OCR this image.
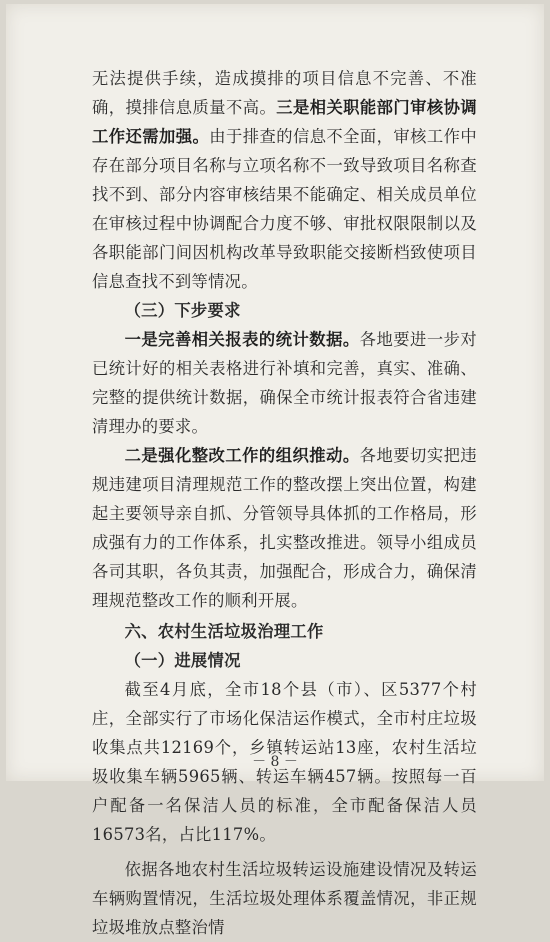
无法提供手续，造成摸排的项目信息不完善、不准确，摸排信息质量不高。三是相关职能部门审核协调工作还需加强。由于排查的信息不全面，审核工作中存在部分项目名称与立项名称不一致导致项目名称查找不到、部分内容审核结果不能确定、相关成员单位在审核过程中协调配合力度不够、审批权限限制以及各职能部门间因机构改革导致职能交接断档致使项目信息查找不到等情况。

（三）下步要求

一是完善相关报表的统计数据。各地要进一步对已统计好的相关表格进行补填和完善，真实、准确、完整的提供统计数据，确保全市统计报表符合省违建清理办的要求。

二是强化整改工作的组织推动。各地要切实把违规违建项目清理规范工作的整改摆上突出位置，构建起主要领导亲自抓、分管领导具体抓的工作格局，形成强有力的工作体系，扎实整改推进。领导小组成员各司其职，各负其责，加强配合，形成合力，确保清理规范整改工作的顺利开展。

六、农村生活垃圾治理工作

（一）进展情况

截至4月底，全市18个县（市）、区5377个村庄，全部实行了市场化保洁运作模式，全市村庄垃圾收集点共12169个，乡镇转运站13座，农村生活垃圾收集车辆5965辆、转运车辆457辆。按照每一百户配备一名保洁人员的标准，全市配备保洁人员16573名，占比117%。

依据各地农村生活垃圾转运设施建设情况及转运车辆购置情况，生活垃圾处理体系覆盖情况，非正规垃圾堆放点整治情

－ 8 －
